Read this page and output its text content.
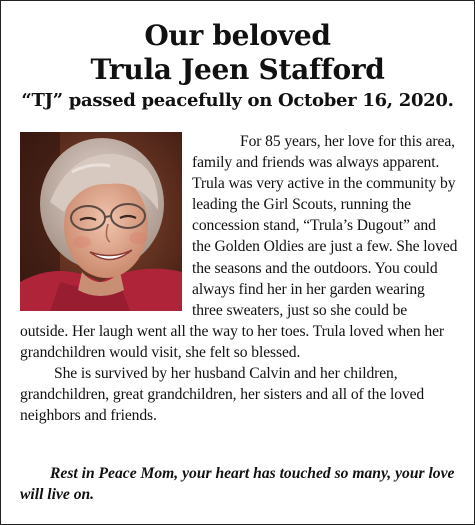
Our beloved
Trula Jeen Stafford
“TJ” passed peacefully on October 16, 2020.

For 85 years, her love for this area, family and friends was always apparent. Trula was very active in the community by leading the Girl Scouts, running the concession stand, “Trula’s Dugout” and the Golden Oldies are just a few. She loved the seasons and the outdoors. You could always find her in her garden wearing three sweaters, just so she could be outside. Her laugh went all the way to her toes. Trula loved when her grandchildren would visit, she felt so blessed.

She is survived by her husband Calvin and her children, grandchildren, great grandchildren, her sisters and all of the loved neighbors and friends.

Rest in Peace Mom, your heart has touched so many, your love will live on.
